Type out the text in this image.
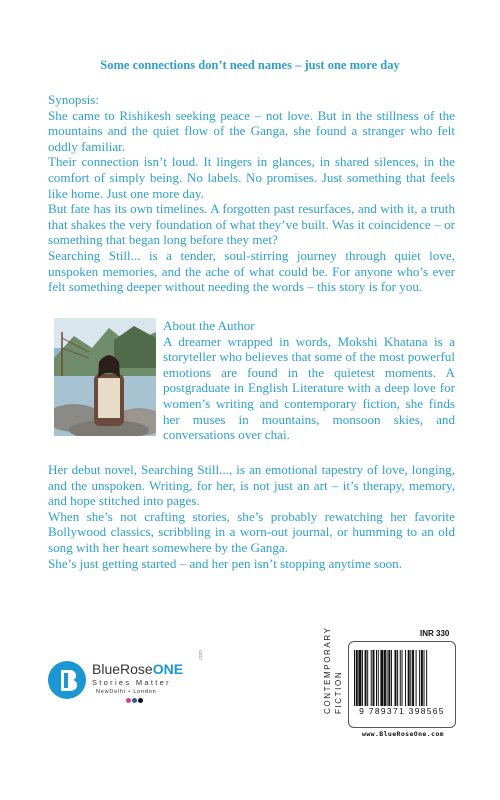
Some connections don’t need names – just one more day

Synopsis:

She came to Rishikesh seeking peace – not love. But in the stillness of the mountains and the quiet flow of the Ganga, she found a stranger who felt oddly familiar.

Their connection isn’t loud. It lingers in glances, in shared silences, in the comfort of simply being. No labels. No promises. Just something that feels like home. Just one more day.

But fate has its own timelines. A forgotten past resurfaces, and with it, a truth that shakes the very foundation of what they’ve built. Was it coincidence – or something that began long before they met?

Searching Still... is a tender, soul-stirring journey through quiet love, unspoken memories, and the ache of what could be. For anyone who’s ever felt something deeper without needing the words – this story is for you.

About the Author

A dreamer wrapped in words, Mokshi Khatana is a storyteller who believes that some of the most powerful emotions are found in the quietest moments. A postgraduate in English Literature with a deep love for women’s writing and contemporary fiction, she finds her muses in mountains, monsoon skies, and conversations over chai.

Her debut novel, Searching Still..., is an emotional tapestry of love, longing, and the unspoken. Writing, for her, is not just an art – it’s therapy, memory, and hope stitched into pages.

When she’s not crafting stories, she’s probably rewatching her favorite Bollywood classics, scribbling in a worn-out journal, or humming to an old song with her heart somewhere by the Ganga.

She’s just getting started – and her pen isn’t stopping anytime soon.

BlueRoseONE
.com
Stories Matter
NewDelhi • London	CONTEMPORARY FICTION
INR 330
9 789371 398565
www.BlueRoseOne.com
